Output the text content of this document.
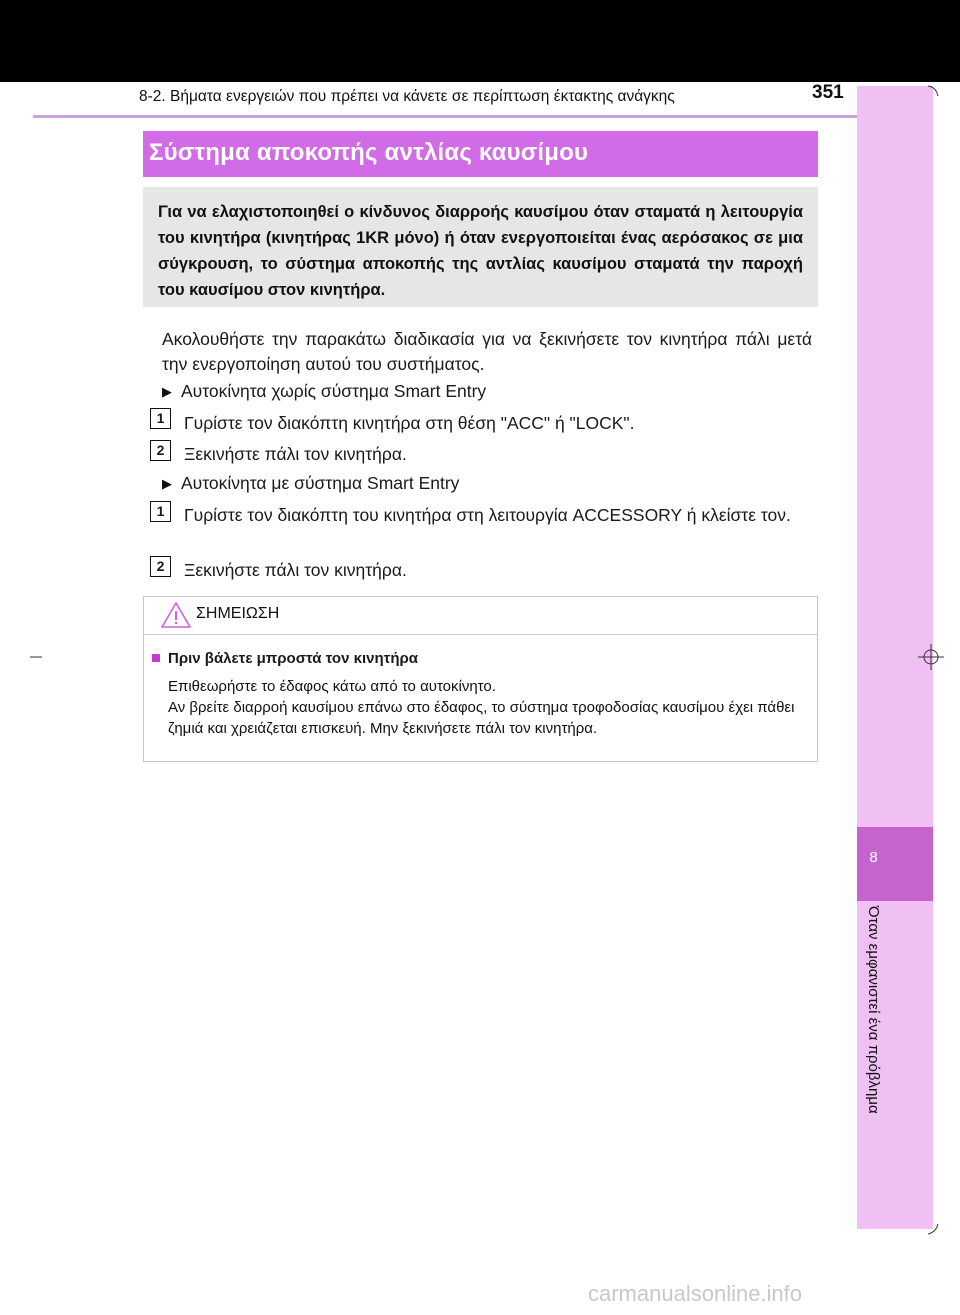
8-2. Βήματα ενεργειών που πρέπει να κάνετε σε περίπτωση έκτακτης ανάγκης	351
8
Όταν εμφανιστεί ένα πρόβλημα
Σύστημα αποκοπής αντλίας καυσίμου
Για να ελαχιστοποιηθεί ο κίνδυνος διαρροής καυσίμου όταν σταματά η λειτουργία του κινητήρα (κινητήρας 1KR μόνο) ή όταν ενεργοποιείται ένας αερόσακος σε μια σύγκρουση, το σύστημα αποκοπής της αντλίας καυσίμου σταματά την παροχή του καυσίμου στον κινητήρα.
Ακολουθήστε την παρακάτω διαδικασία για να ξεκινήσετε τον κινητήρα πάλι μετά την ενεργοποίηση αυτού του συστήματος.
▶ Αυτοκίνητα χωρίς σύστημα Smart Entry
1	Γυρίστε τον διακόπτη κινητήρα στη θέση "ACC" ή "LOCK".
2	Ξεκινήστε πάλι τον κινητήρα.
▶ Αυτοκίνητα με σύστημα Smart Entry
1	Γυρίστε τον διακόπτη του κινητήρα στη λειτουργία ACCESSORY ή κλείστε τον.
2	Ξεκινήστε πάλι τον κινητήρα.
ΣΗΜΕΙΩΣΗ
Πριν βάλετε μπροστά τον κινητήρα
Επιθεωρήστε το έδαφος κάτω από το αυτοκίνητο.
Αν βρείτε διαρροή καυσίμου επάνω στο έδαφος, το σύστημα τροφοδοσίας καυσίμου έχει πάθει ζημιά και χρειάζεται επισκευή. Μην ξεκινήσετε πάλι τον κινητήρα.
carmanualsonline.info
